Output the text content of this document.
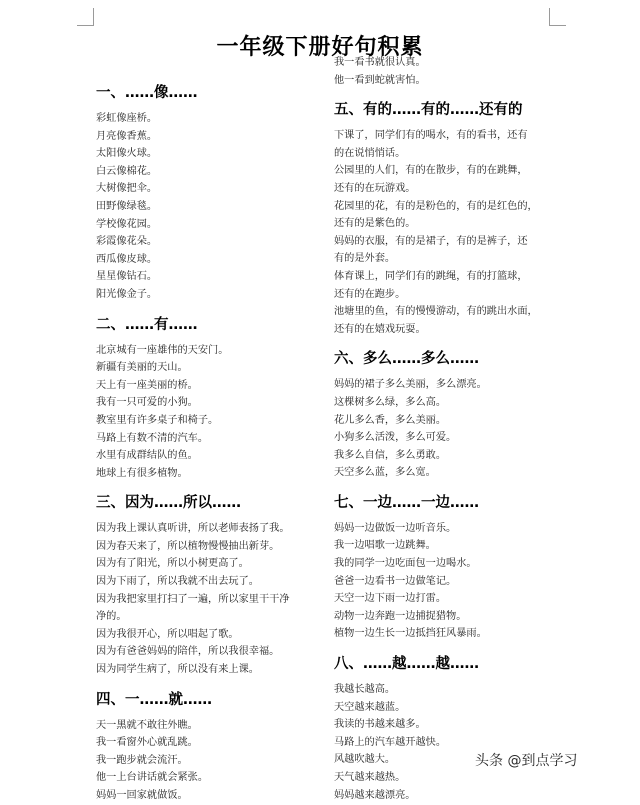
一年级下册好句积累
一、……像……
彩虹像座桥。
月亮像香蕉。
太阳像火球。
白云像棉花。
大树像把伞。
田野像绿毯。
学校像花园。
彩霞像花朵。
西瓜像皮球。
星星像钻石。
阳光像金子。
二、……有……
北京城有一座雄伟的天安门。
新疆有美丽的天山。
天上有一座美丽的桥。
我有一只可爱的小狗。
教室里有许多桌子和椅子。
马路上有数不清的汽车。
水里有成群结队的鱼。
地球上有很多植物。
三、因为……所以……
因为我上课认真听讲，所以老师表扬了我。
因为春天来了，所以植物慢慢抽出新芽。
因为有了阳光，所以小树更高了。
因为下雨了，所以我就不出去玩了。
因为我把家里打扫了一遍，所以家里干干净
净的。
因为我很开心，所以唱起了歌。
因为有爸爸妈妈的陪伴，所以我很幸福。
因为同学生病了，所以没有来上课。
四、一……就……
天一黑就不敢往外瞧。
我一看窗外心就乱跳。
我一跑步就会流汗。
他一上台讲话就会紧张。
妈妈一回家就做饭。
我一看书就很认真。
他一看到蛇就害怕。
五、有的……有的……还有的
下课了，同学们有的喝水，有的看书，还有
的在说悄悄话。
公园里的人们，有的在散步，有的在跳舞，
还有的在玩游戏。
花园里的花，有的是粉色的，有的是红色的，
还有的是紫色的。
妈妈的衣服，有的是裙子，有的是裤子，还
有的是外套。
体育课上，同学们有的跳绳，有的打篮球，
还有的在跑步。
池塘里的鱼，有的慢慢游动，有的跳出水面，
还有的在嬉戏玩耍。
六、多么……多么……
妈妈的裙子多么美丽，多么漂亮。
这棵树多么绿，多么高。
花儿多么香，多么美丽。
小狗多么活泼，多么可爱。
我多么自信，多么勇敢。
天空多么蓝，多么宽。
七、一边……一边……
妈妈一边做饭一边听音乐。
我一边唱歌一边跳舞。
我的同学一边吃面包一边喝水。
爸爸一边看书一边做笔记。
天空一边下雨一边打雷。
动物一边奔跑一边捕捉猎物。
植物一边生长一边抵挡狂风暴雨。
八、……越……越……
我越长越高。
天空越来越蓝。
我读的书越来越多。
马路上的汽车越开越快。
风越吹越大。
天气越来越热。
妈妈越来越漂亮。
头条 @到点学习
